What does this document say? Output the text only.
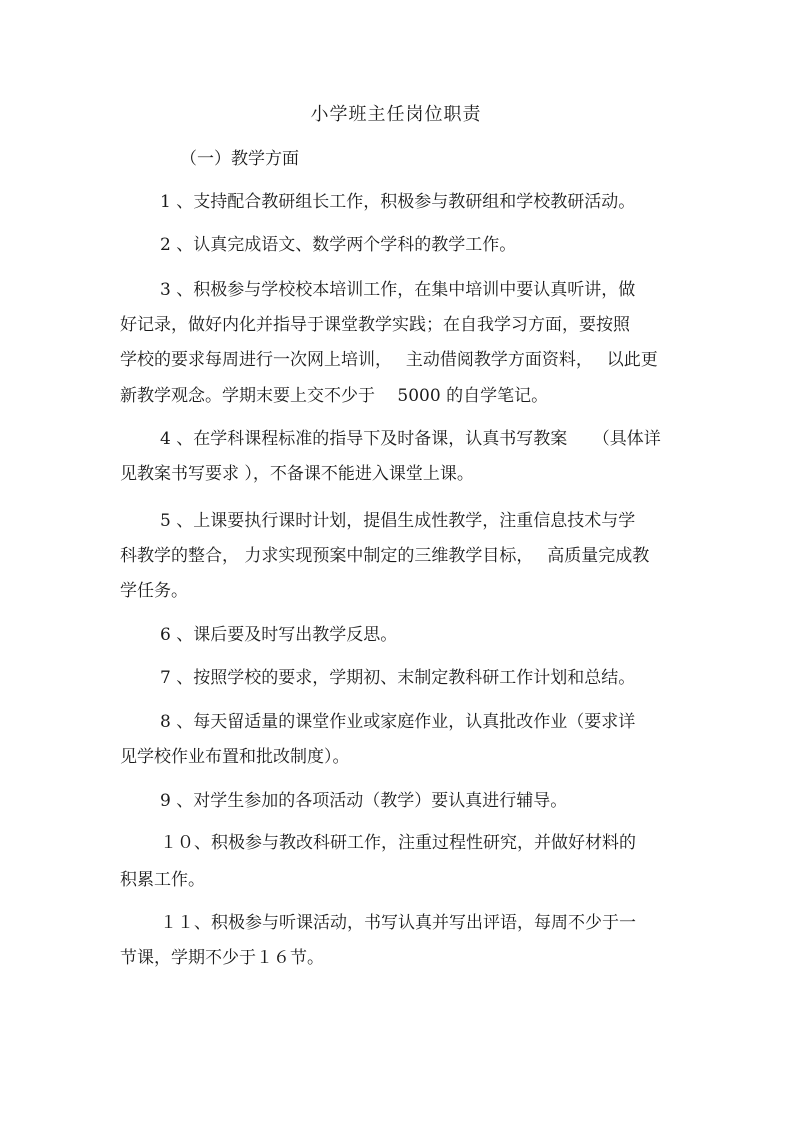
小学班主任岗位职责
（一）教学方面
1 、支持配合教研组长工作，积极参与教研组和学校教研活动。
2 、认真完成语文、数学两个学科的教学工作。
3 、积极参与学校校本培训工作，在集中培训中要认真听讲，做
好记录，做好内化并指导于课堂教学实践；在自我学习方面，要按照
学校的要求每周进行一次网上培训，　 主动借阅教学方面资料，　 以此更
新教学观念。学期末要上交不少于　 5000 的自学笔记。
4 、在学科课程标准的指导下及时备课，认真书写教案　　（具体详
见教案书写要求 ），不备课不能进入课堂上课。
5 、上课要执行课时计划，提倡生成性教学，注重信息技术与学
科教学的整合， 力求实现预案中制定的三维教学目标，　 高质量完成教
学任务。
6 、课后要及时写出教学反思。
7 、按照学校的要求，学期初、末制定教科研工作计划和总结。
8 、每天留适量的课堂作业或家庭作业，认真批改作业（要求详
见学校作业布置和批改制度）。
9 、对学生参加的各项活动（教学）要认真进行辅导。
１０、积极参与教改科研工作，注重过程性研究，并做好材料的
积累工作。
１１、积极参与听课活动，书写认真并写出评语，每周不少于一
节课，学期不少于１６节。
